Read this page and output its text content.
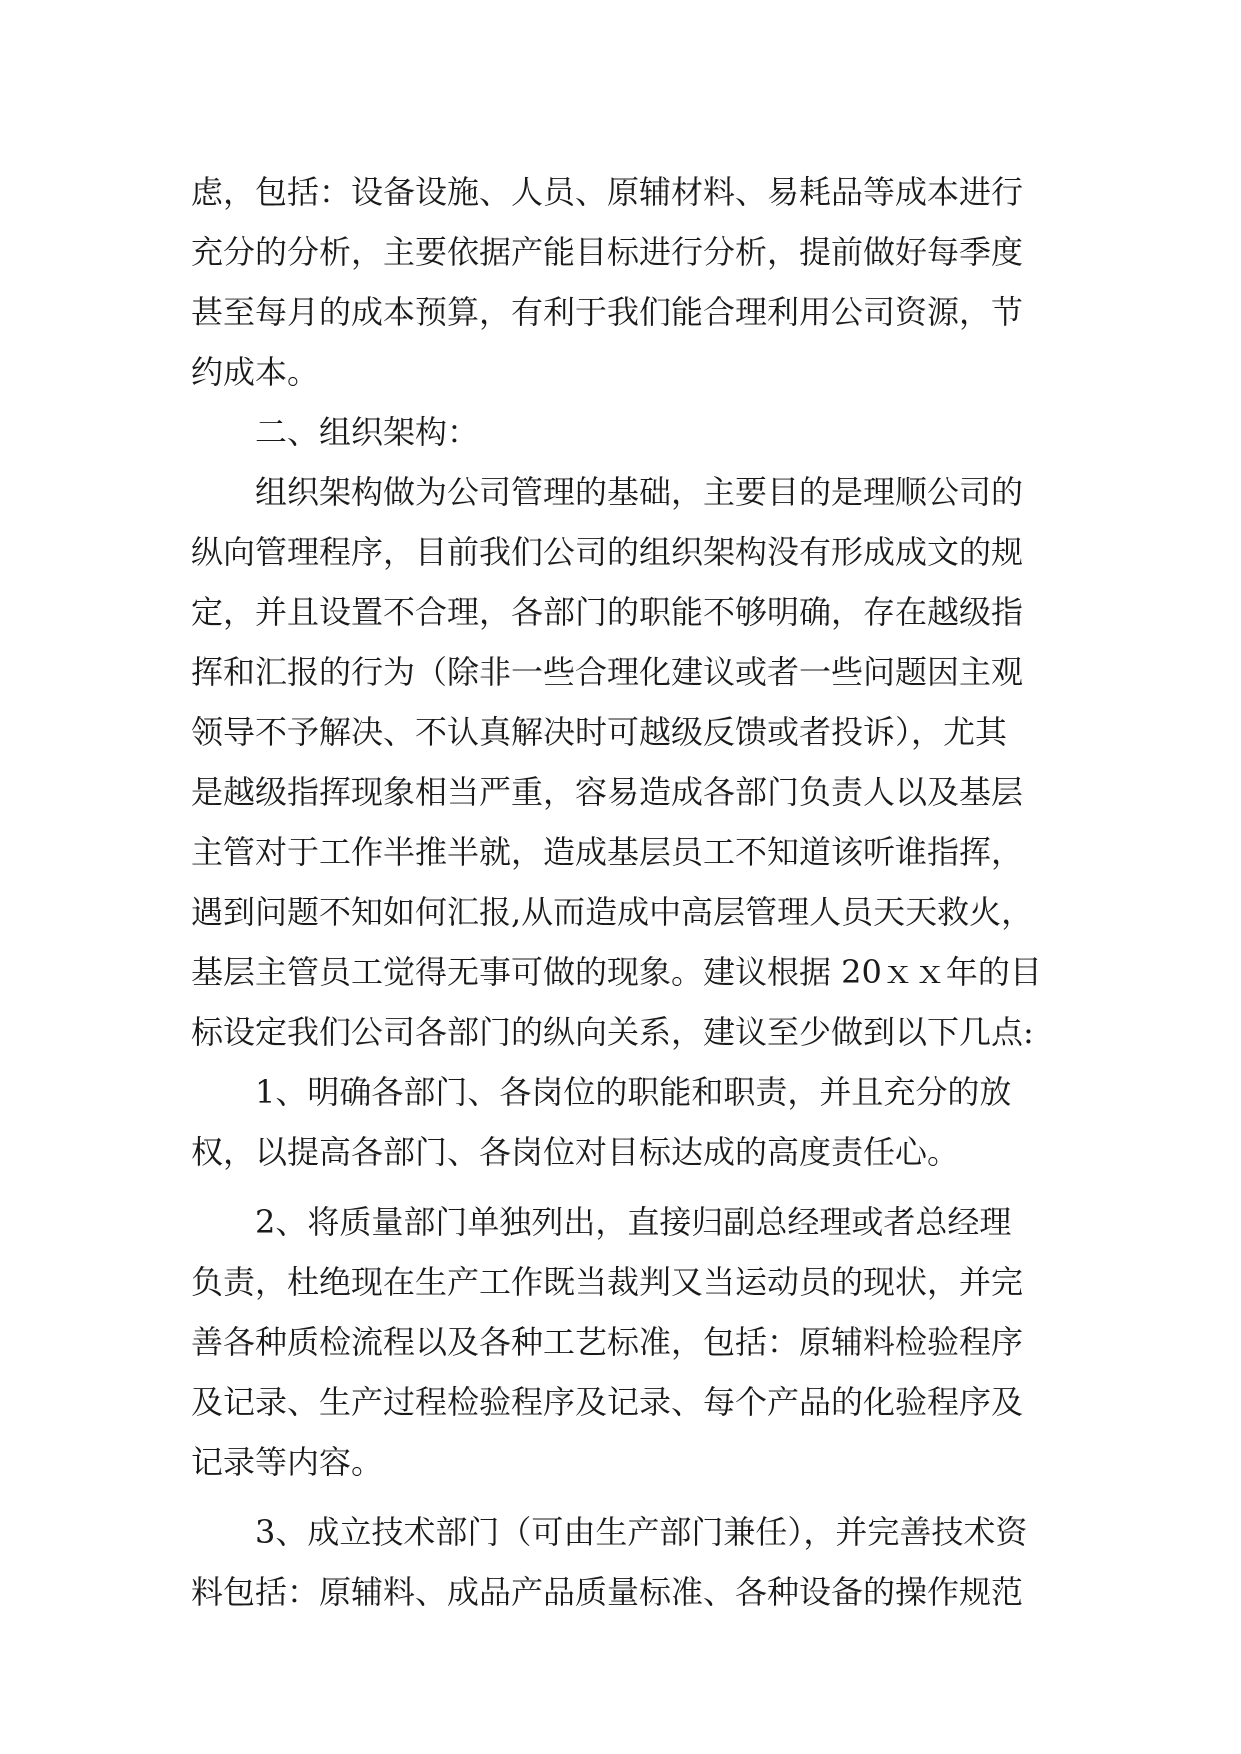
虑，包括：设备设施、人员、原辅材料、易耗品等成本进行
充分的分析，主要依据产能目标进行分析，提前做好每季度
甚至每月的成本预算，有利于我们能合理利用公司资源，节
约成本。
二、组织架构：
组织架构做为公司管理的基础，主要目的是理顺公司的
纵向管理程序，目前我们公司的组织架构没有形成成文的规
定，并且设置不合理，各部门的职能不够明确，存在越级指
挥和汇报的行为（除非一些合理化建议或者一些问题因主观
领导不予解决、不认真解决时可越级反馈或者投诉），尤其
是越级指挥现象相当严重，容易造成各部门负责人以及基层
主管对于工作半推半就，造成基层员工不知道该听谁指挥，
遇到问题不知如何汇报,从而造成中高层管理人员天天救火，
基层主管员工觉得无事可做的现象。建议根据 20ｘｘ年的目
标设定我们公司各部门的纵向关系，建议至少做到以下几点:
1、明确各部门、各岗位的职能和职责，并且充分的放
权，以提高各部门、各岗位对目标达成的高度责任心。
2、将质量部门单独列出，直接归副总经理或者总经理
负责，杜绝现在生产工作既当裁判又当运动员的现状，并完
善各种质检流程以及各种工艺标准，包括：原辅料检验程序
及记录、生产过程检验程序及记录、每个产品的化验程序及
记录等内容。
3、成立技术部门（可由生产部门兼任），并完善技术资
料包括：原辅料、成品产品质量标准、各种设备的操作规范
